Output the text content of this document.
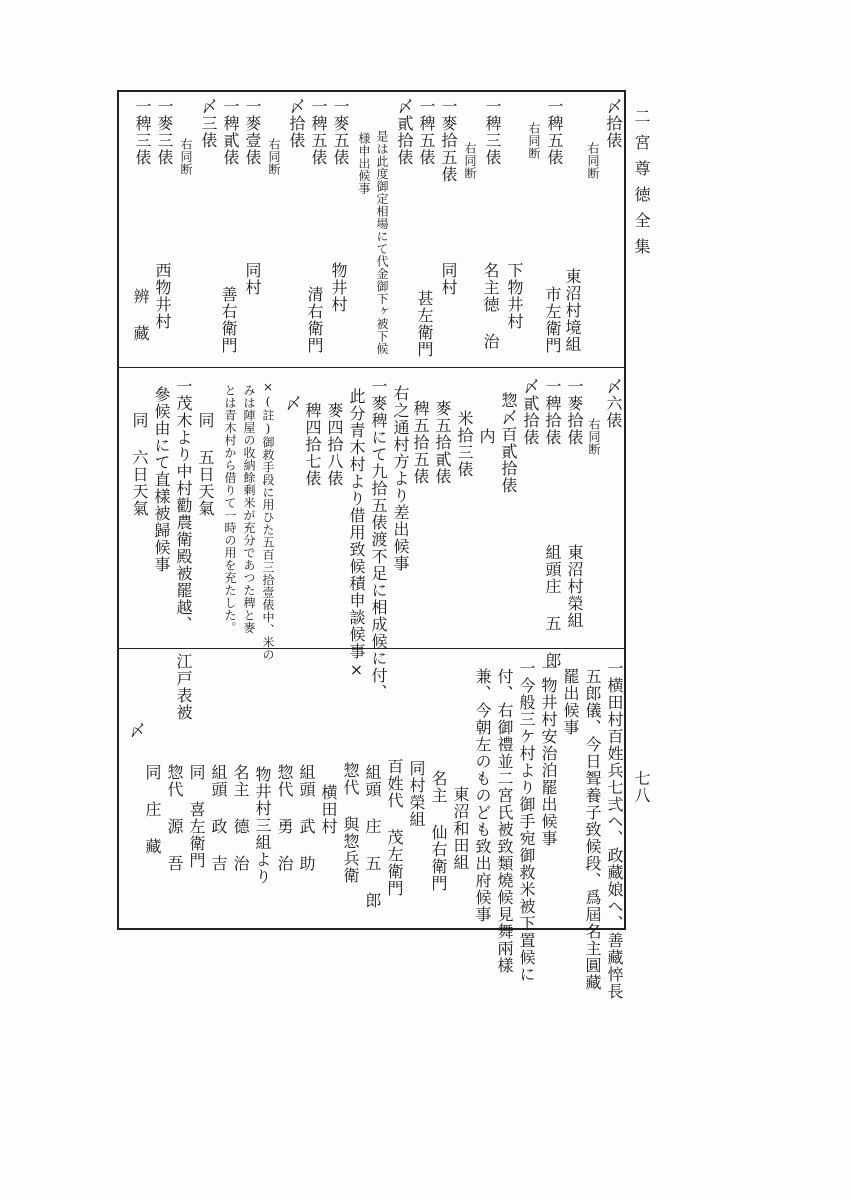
二宮尊徳全集
七八
〆拾俵
右同断
東沼村境組
一稗五俵
市左衛門
右同断
一稗三俵
下物井村
名主徳 治
右同断
一麥拾五俵
同村
一稗五俵
甚左衛門
〆貳拾俵
是は此度御定相場にて代金御下ヶ被下候
様申出候事
一麥五俵
物井村
一稗五俵
清右衛門
〆拾俵
右同断
一麥壹俵
同村
一稗貳俵
善右衛門
〆三俵
右同断
一麥三俵
西物井村
一稗三俵
辨 藏
〆六俵
右同断
一麥拾俵
東沼村榮組
一稗拾俵
組頭庄 五 郎
〆貳拾俵
惣〆百貳拾俵
内
米拾三俵
麥五拾貳俵
稗五拾五俵
右之通村方より差出候事
一麥稗にて九拾五俵渡不足に相成候に付、
此分青木村より借用致候積申談候事×
麥四拾八俵
稗四拾七俵
〆
×(註)御救手段に用ひた五百三拾壹俵中、米の
みは陣屋の收納餘剩米が充分であつた稗と麥
とは青木村から借りて一時の用を充たした。
同 五日天氣
一茂木より中村勸農衛殿被罷越、 江戸表被
參候由にて直樣被歸候事
同 六日天氣
一横田村百姓兵七弍ヘ、政藏娘ヘ、善藏悴長
五郎儀、今日聟養子致候段、爲屆名主圓藏
罷出候事
一物井村安治泊罷出候事
一今般三ケ村より御手宛御救米被下置候に
付、右御禮並二宮氏被致類燒候見舞兩樣
兼、今朝左のものども致出府候事
東沼和田組
名主 仙右衛門
同村榮組
百姓代 茂左衛門
組頭 庄 五 郎
惣代 與惣兵衛
横田村
組頭 武 助
惣代 勇 治
物井村三組より
名主 德 治
組頭 政 吉
同 喜左衛門
惣代 源 吾
同 庄 藏
〆
